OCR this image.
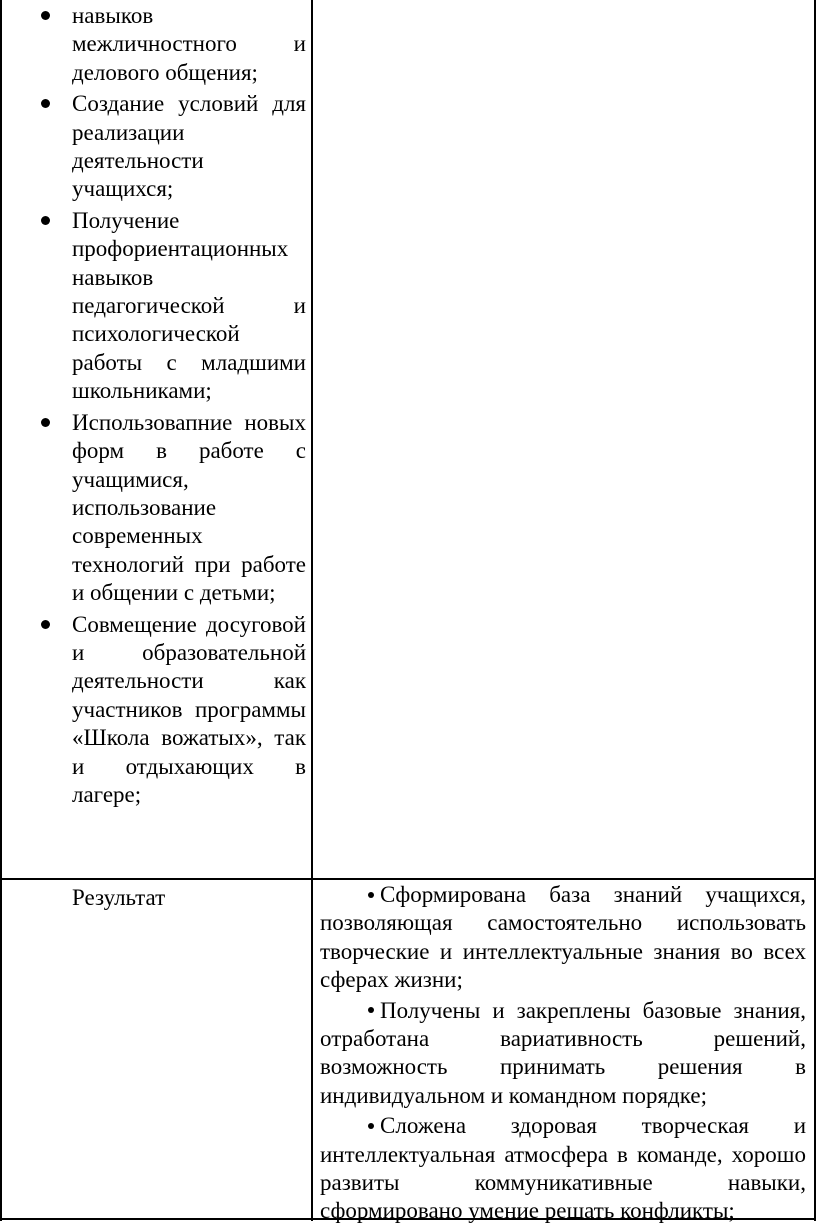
навыков межличностного и делового общения;
Создание условий для реализации деятельности учащихся;
Получение профориентационных навыков педагогической и психологической работы с младшими школьниками;
Использовапние новых форм в работе с учащимися, использование современных технологий при работе и общении с детьми;
Совмещение досуговой и образовательной деятельности как участников программы «Школа вожатых», так и отдыхающих в лагере;
Результат	Сформирована база знаний учащихся, позволяющая самостоятельно использовать творческие и интеллектуальные знания во всех сферах жизни;
Получены и закреплены базовые знания, отработана вариативность решений, возможность принимать решения в индивидуальном и командном порядке;
Сложена здоровая творческая и интеллектуальная атмосфера в команде, хорошо развиты коммуникативные навыки, сформировано умение решать конфликты;
